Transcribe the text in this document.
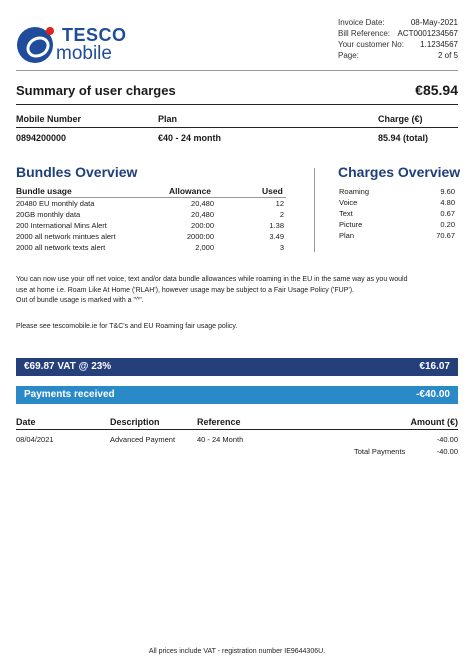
TESCO
mobile
Invoice Date:	08-May-2021
Bill Reference: ACT0001234567
Your customer No: 1.1234567
Page:	2 of 5
Summary of user charges	€85.94
Mobile Number	Plan	Charge (€)
0894200000	€40 - 24 month	85.94 (total)
Bundles Overview
Bundle usage	Allowance	Used
20480 EU monthly data	20,480	12
20GB monthly data	20,480	2
200 International Mins Alert	200:00	1.38
2000 all network mintues alert	2000:00	3.49
2000 all network texts alert	2,000	3
Charges Overview
Roaming	9.60
Voice	4.80
Text	0.67
Picture	0.20
Plan	70.67
You can now use your off net voice, text and/or data bundle allowances while roaming in the EU in the same way as you would
use at home i.e. Roam Like At Home ('RLAH'), however usage may be subject to a Fair Usage Policy ('FUP').
Out of bundle usage is marked with a "^".
Please see tescomobile.ie for T&C's and EU Roaming fair usage policy.
€69.87 VAT @ 23%	€16.07
Payments received	-€40.00
Date	Description	Reference	Amount (€)
08/04/2021	Advanced Payment	40 - 24 Month	-40.00
Total Payments	-40.00
All prices include VAT - registration number IE9644306U.
